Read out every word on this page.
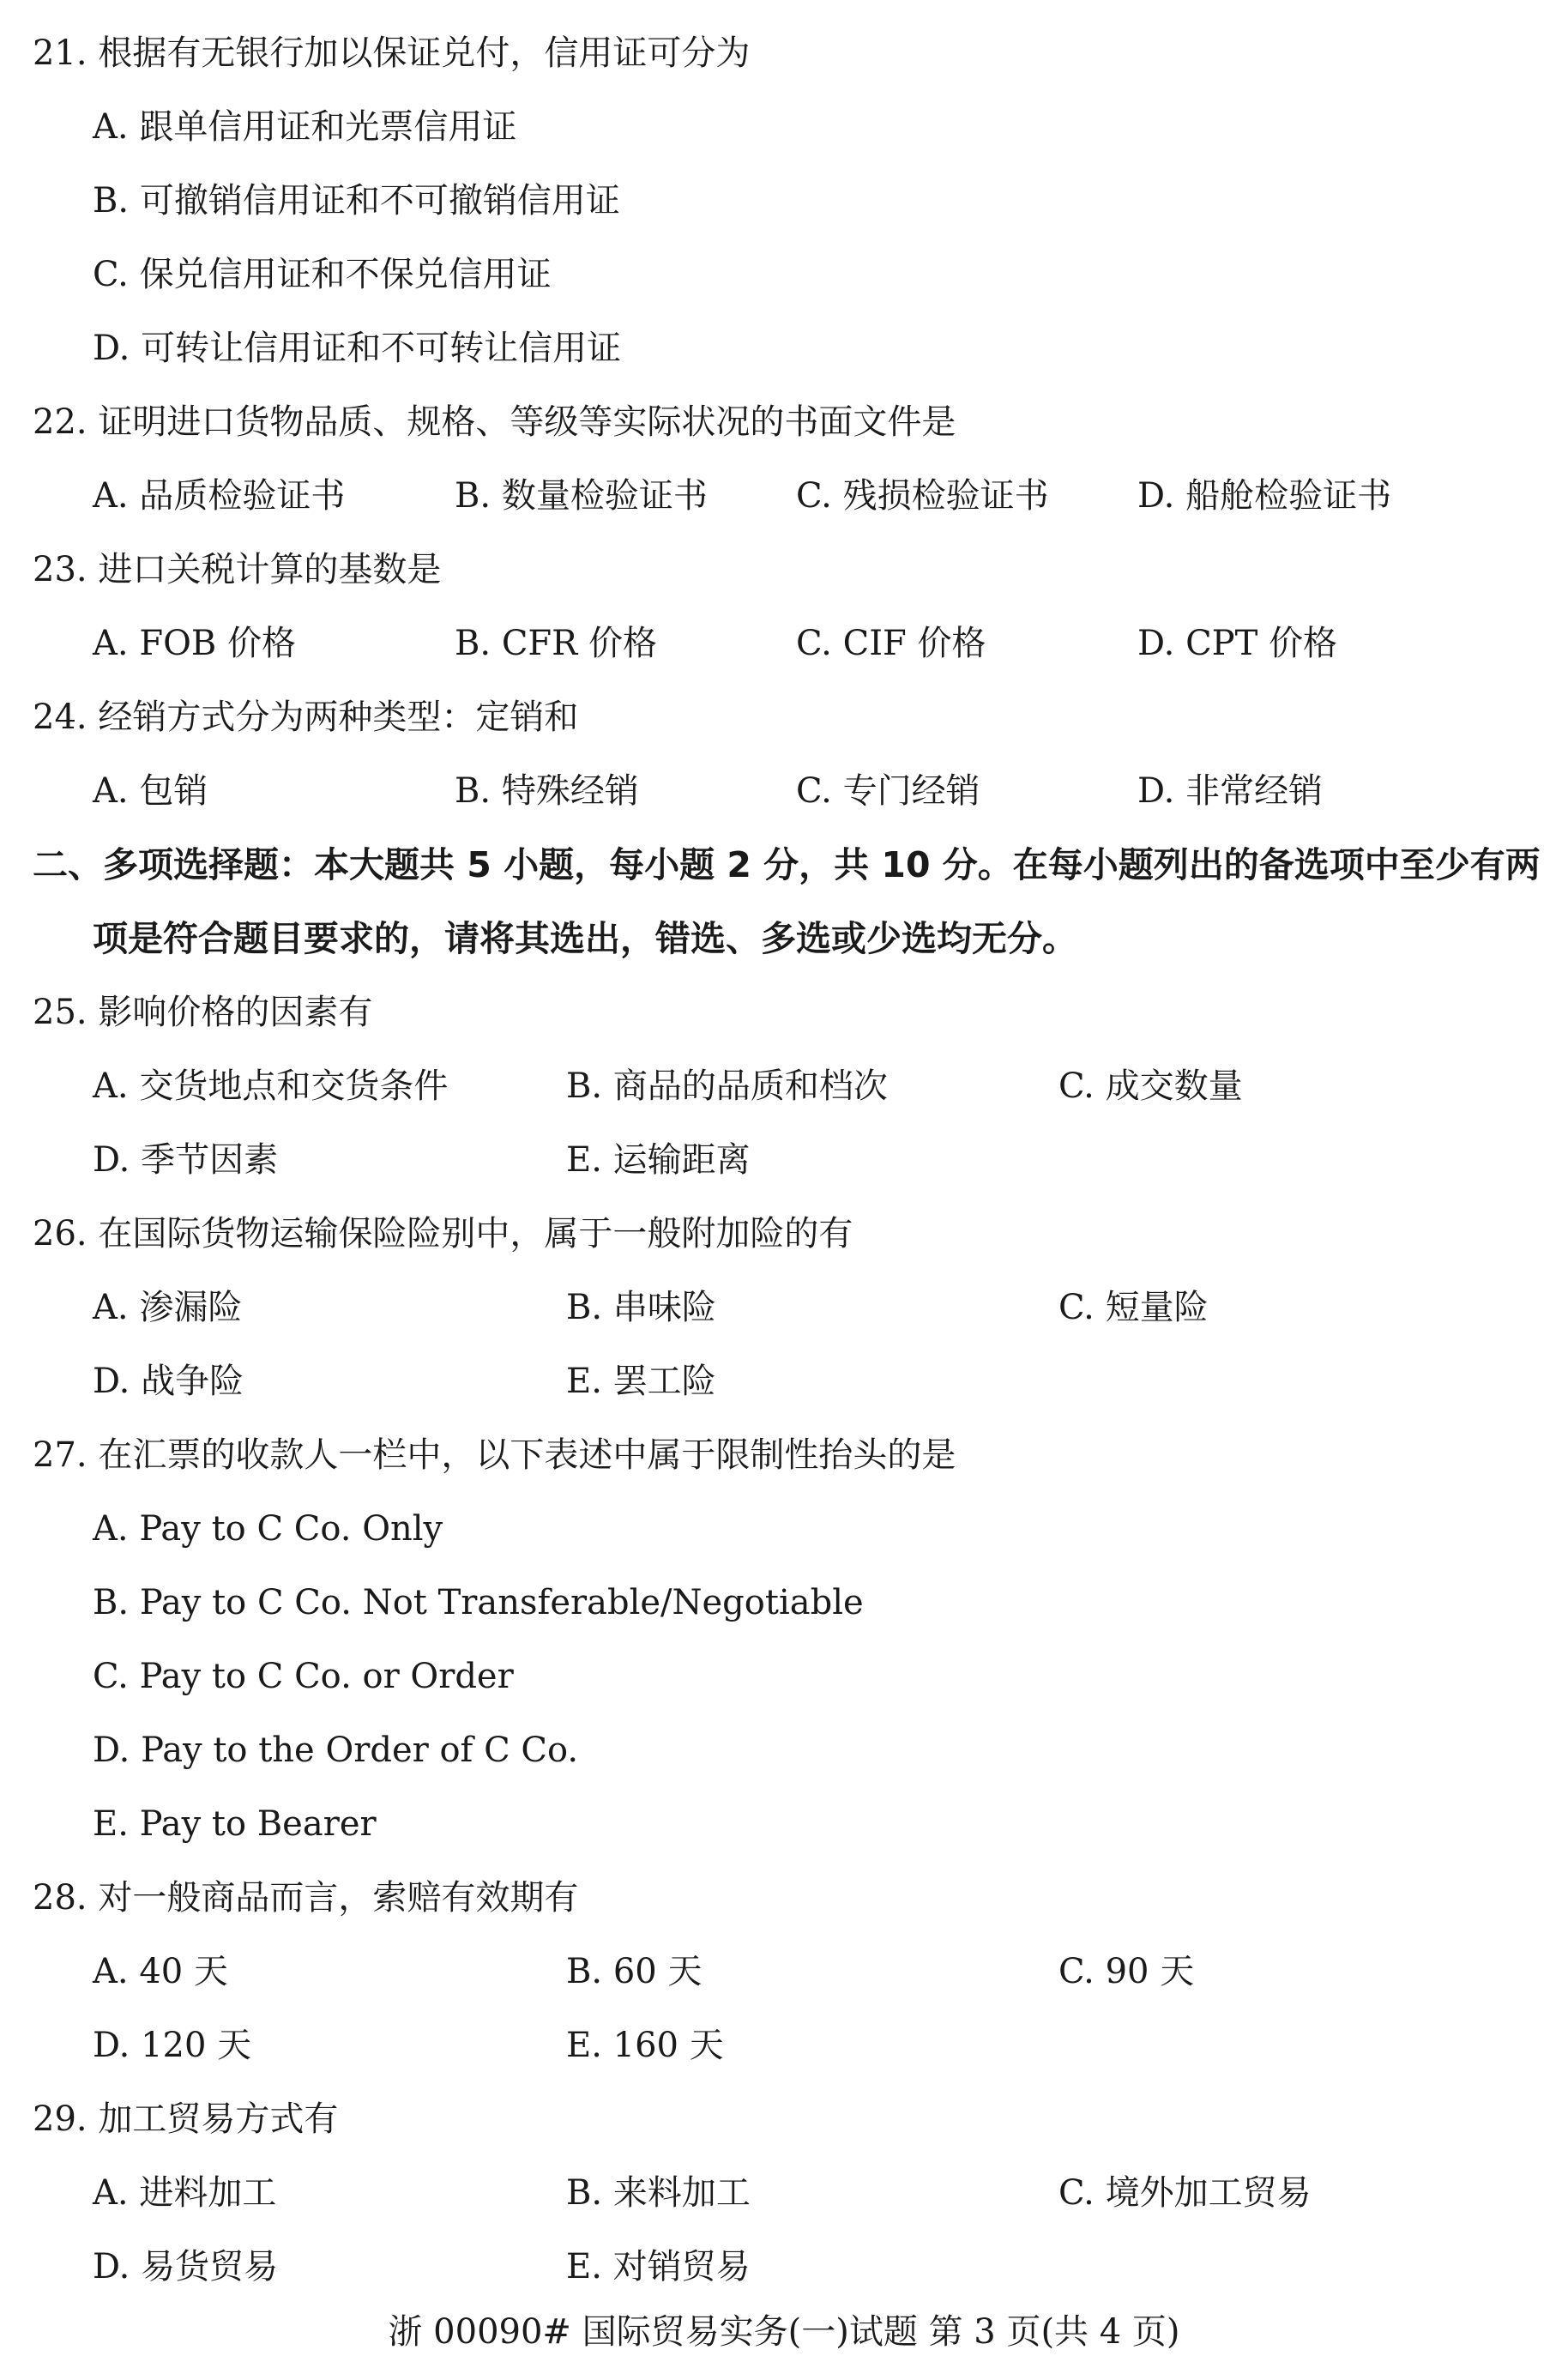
21. 根据有无银行加以保证兑付，信用证可分为
A. 跟单信用证和光票信用证
B. 可撤销信用证和不可撤销信用证
C. 保兑信用证和不保兑信用证
D. 可转让信用证和不可转让信用证
22. 证明进口货物品质、规格、等级等实际状况的书面文件是
A. 品质检验证书	B. 数量检验证书	C. 残损检验证书	D. 船舱检验证书
23. 进口关税计算的基数是
A. FOB 价格	B. CFR 价格	C. CIF 价格	D. CPT 价格
24. 经销方式分为两种类型：定销和
A. 包销	B. 特殊经销	C. 专门经销	D. 非常经销
二、多项选择题：本大题共 5 小题，每小题 2 分，共 10 分。在每小题列出的备选项中至少有两
项是符合题目要求的，请将其选出，错选、多选或少选均无分。
25. 影响价格的因素有
A. 交货地点和交货条件	B. 商品的品质和档次	C. 成交数量
D. 季节因素	E. 运输距离
26. 在国际货物运输保险险别中，属于一般附加险的有
A. 渗漏险	B. 串味险	C. 短量险
D. 战争险	E. 罢工险
27. 在汇票的收款人一栏中，以下表述中属于限制性抬头的是
A. Pay to C Co. Only
B. Pay to C Co. Not Transferable/Negotiable
C. Pay to C Co. or Order
D. Pay to the Order of C Co.
E. Pay to Bearer
28. 对一般商品而言，索赔有效期有
A. 40 天	B. 60 天	C. 90 天
D. 120 天	E. 160 天
29. 加工贸易方式有
A. 进料加工	B. 来料加工	C. 境外加工贸易
D. 易货贸易	E. 对销贸易
浙 00090# 国际贸易实务(一)试题 第 3 页(共 4 页)
